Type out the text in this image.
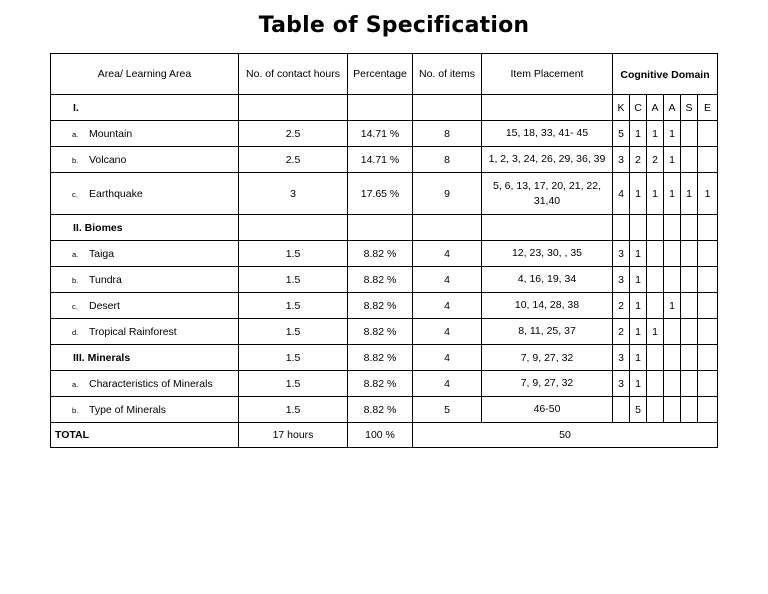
Table of Specification
Area/ Learning Area	No. of contact hours	Percentage	No. of items	Item Placement	Cognitive Domain					
I.					K	C	A	A	S	E
a. Mountain	2.5	14.71 %	8	15, 18, 33, 41- 45	5	1	1	1		
b. Volcano	2.5	14.71 %	8	1, 2, 3, 24, 26, 29, 36, 39	3	2	2	1		
c. Earthquake	3	17.65 %	9	5, 6, 13, 17, 20, 21, 22, 31,40	4	1	1	1	1	1
II. Biomes										
a. Taiga	1.5	8.82 %	4	12, 23, 30, , 35	3	1				
b. Tundra	1.5	8.82 %	4	4, 16, 19, 34	3	1				
c. Desert	1.5	8.82 %	4	10, 14, 28, 38	2	1		1		
d. Tropical Rainforest	1.5	8.82 %	4	8, 11, 25, 37	2	1	1			
III. Minerals	1.5	8.82 %	4	7, 9, 27, 32	3	1				
a. Characteristics of Minerals	1.5	8.82 %	4	7, 9, 27, 32	3	1				
b. Type of Minerals	1.5	8.82 %	5	46-50		5				
TOTAL	17 hours	100 %	50							
